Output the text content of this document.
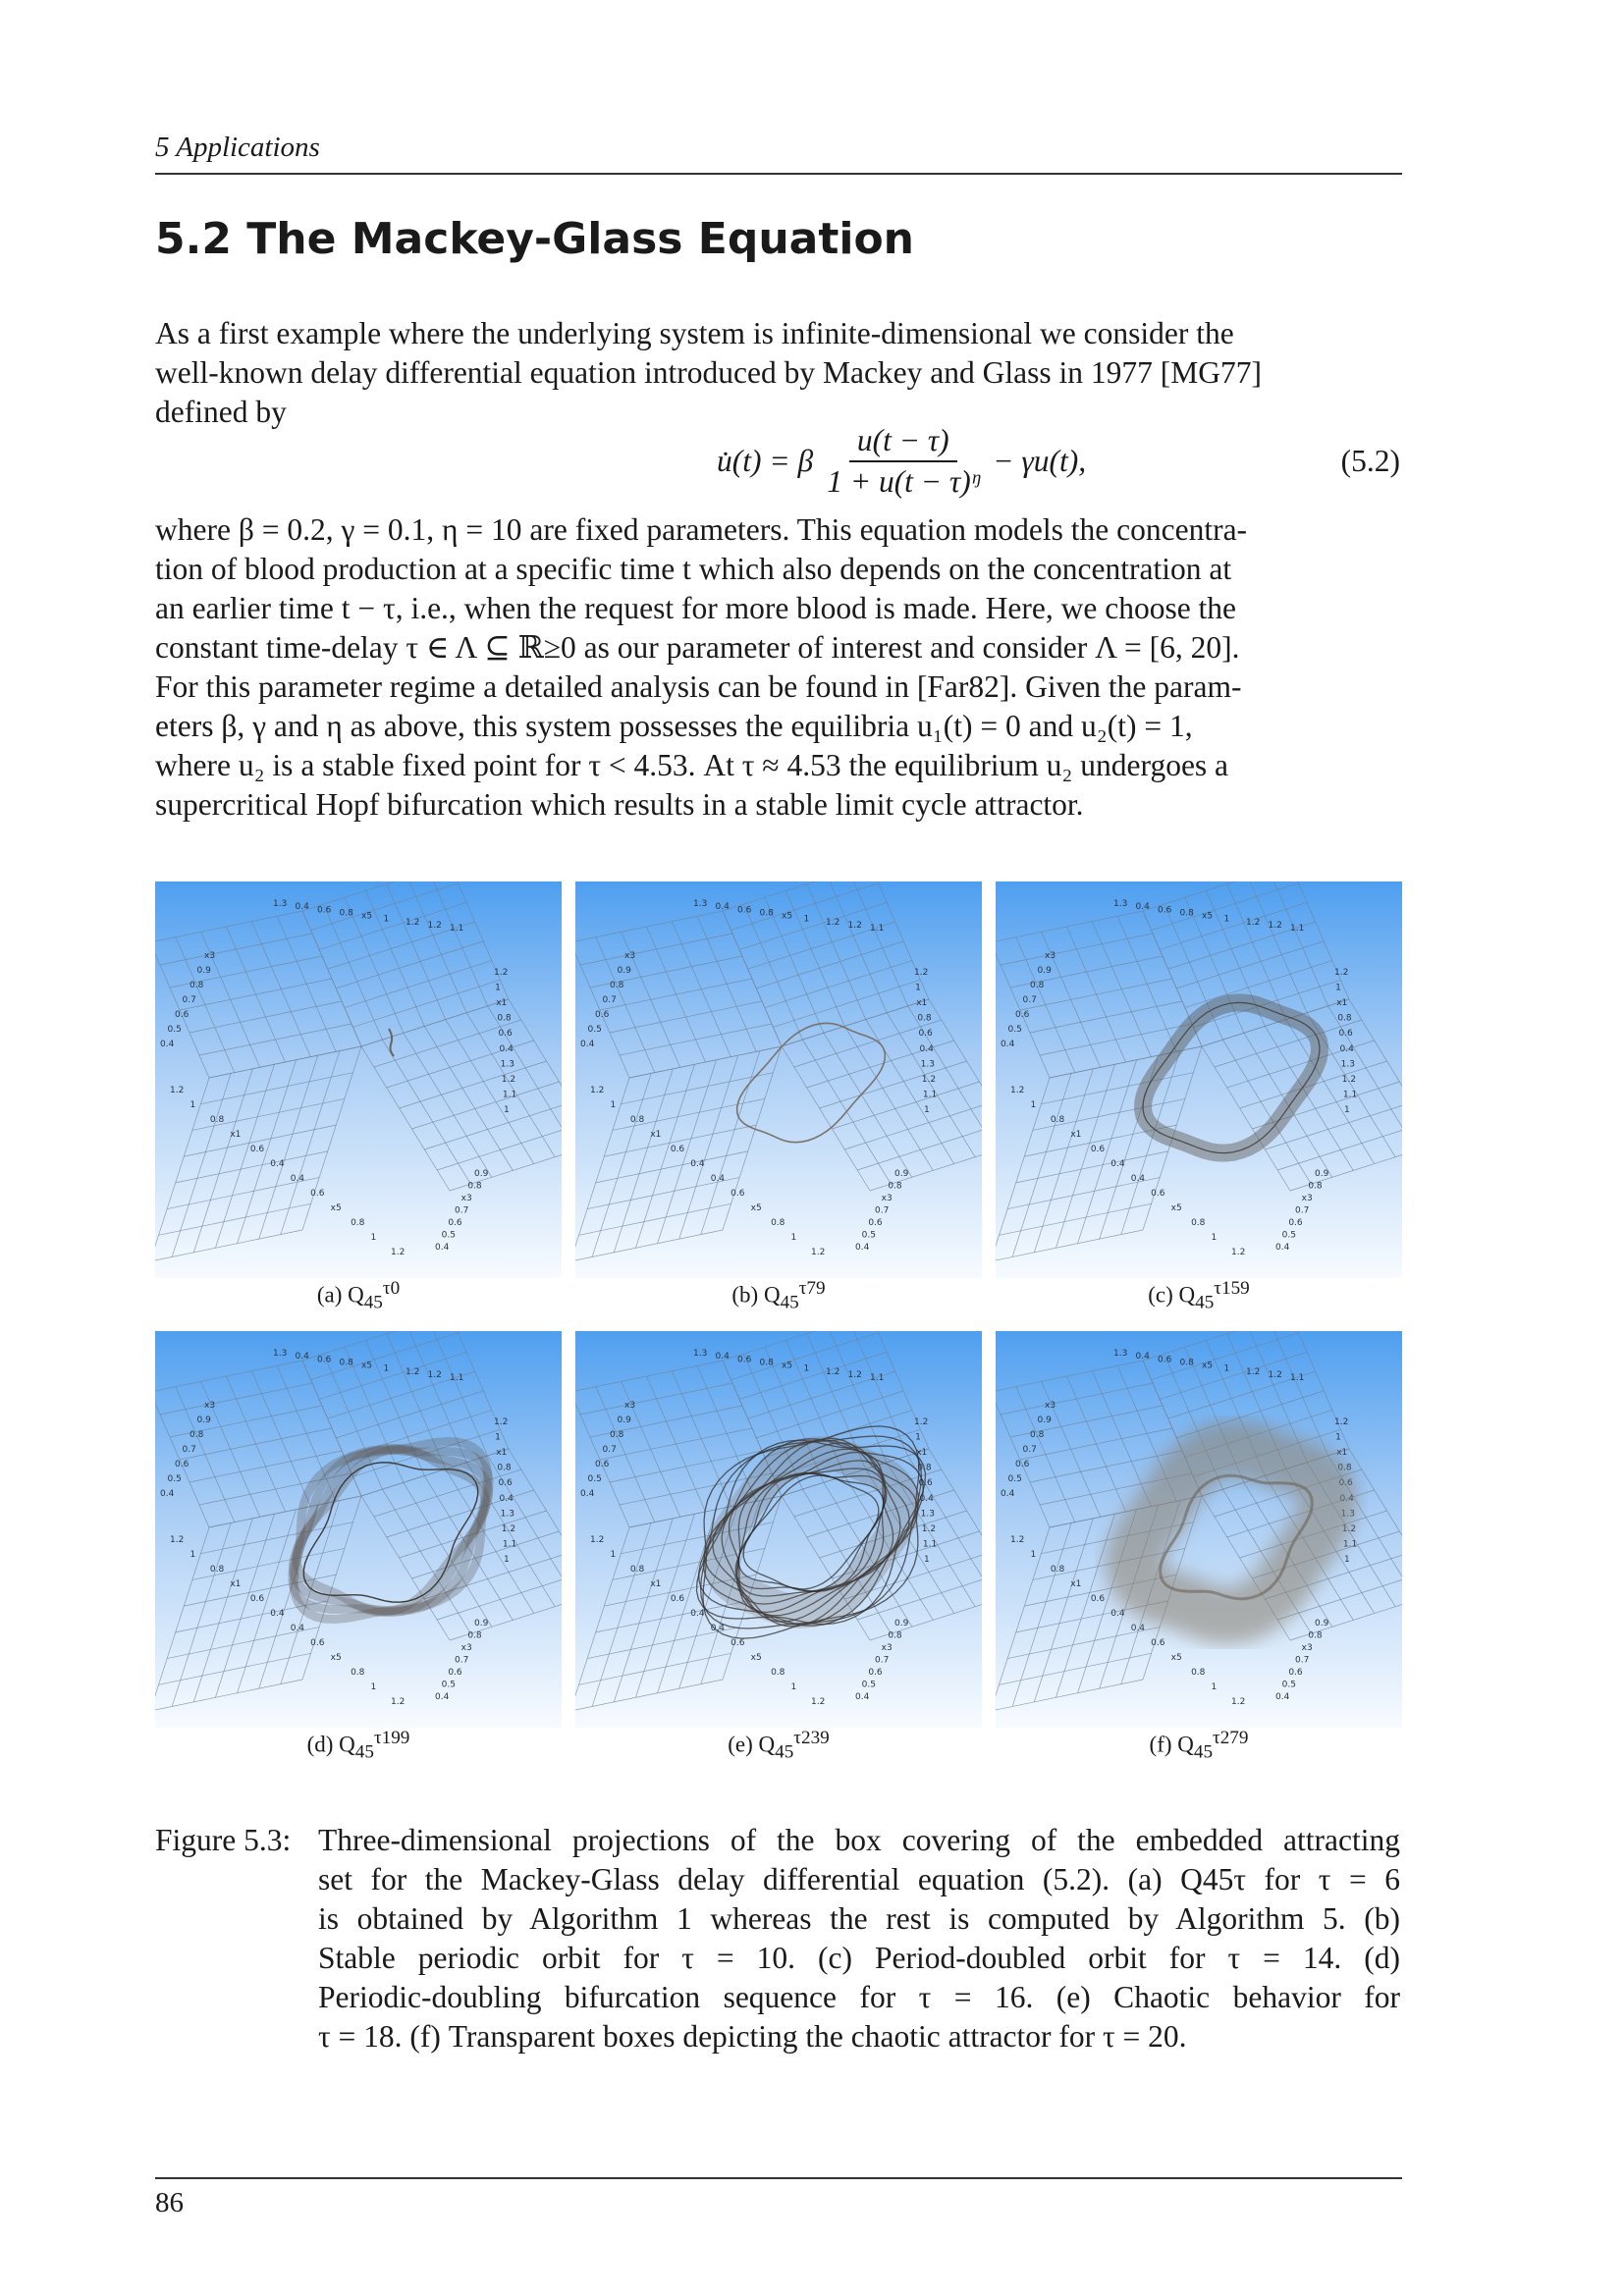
5 Applications
5.2 The Mackey-Glass Equation
As a first example where the underlying system is infinite-dimensional we consider the
well-known delay differential equation introduced by Mackey and Glass in 1977 [MG77]
defined by
u̇(t) = β $\frac{u(t - \tau)}{\text{1 + u(t − τ)ᵑ}} - \gamma u(t)$,	(5.2)
where β = 0.2, γ = 0.1, η = 10 are fixed parameters. This equation models the concentra-
tion of blood production at a specific time t which also depends on the concentration at
an earlier time t − τ, i.e., when the request for more blood is made. Here, we choose the
constant time-delay τ ∈ Λ ⊆ ℝ≥0 as our parameter of interest and consider Λ = [6, 20].
For this parameter regime a detailed analysis can be found in [Far82]. Given the param-
eters β, γ and η as above, this system possesses the equilibria u₁(t) = 0 and u₂(t) = 1,
where u₂ is a stable fixed point for τ < 4.53. At τ ≈ 4.53 the equilibrium u₂ undergoes a
supercritical Hopf bifurcation which results in a stable limit cycle attractor.
1.3 0.4 0.6 0.8 x5 1 1.2 1.2 1.1
x3
0.9
0.8
0.7
0.6
0.5
0.4
1.2
1
x1
0.8
0.6
0.4
1.3
1.2
1.1
1
1.2
1
0.8
x1
0.6
0.4
0.4
0.6
x5
0.8
1
1.2
0.9
0.8
x3
0.7
0.6
0.5
0.4
1.3 0.4 0.6 0.8 x5 1 1.2 1.2 1.1
x3
0.9
0.8
0.7
0.6
0.5
0.4
1.2
1
x1
0.8
0.6
0.4
1.3
1.2
1.1
1
1.2
1
0.8
x1
0.6
0.4
0.4
0.6
x5
0.8
1
1.2
0.9
0.8
x3
0.7
0.6
0.5
0.4
1.3 0.4 0.6 0.8 x5 1 1.2 1.2 1.1
x3
0.9
0.8
0.7
0.6
0.5
0.4
1.2
1
x1
0.8
0.6
0.4
1.3
1.2
1.1
1
1.2
1
0.8
x1
0.6
0.4
0.4
0.6
x5
0.8
1
1.2
0.9
0.8
x3
0.7
0.6
0.5
0.4
(a) $Q_{45}^{\tau 0}$	(b) $Q_{45}^{\tau 79}$	(c) $Q_{45}^{\tau 159}$
1.3 0.4 0.6 0.8 x5 1 1.2 1.2 1.1
x3
0.9
0.8
0.7
0.6
0.5
0.4
1.2
1
x1
0.8
0.6
0.4
1.3
1.2
1.1
1
1.2
1
0.8
x1
0.6
0.4
0.4
0.6
x5
0.8
1
1.2
0.9
0.8
x3
0.7
0.6
0.5
0.4
1.3 0.4 0.6 0.8 x5 1 1.2 1.2 1.1
x3
0.9
0.8
0.7
0.6
0.5
0.4
1.2
1
x1
0.8
0.6
0.4
1.3
1.2
1.1
1
1.2
1
0.8
x1
0.6
0.4
0.4
0.6
x5
0.8
1
1.2
0.9
0.8
x3
0.7
0.6
0.5
0.4
1.3 0.4 0.6 0.8 x5 1 1.2 1.2 1.1
x3
0.9
0.8
0.7
0.6
0.5
0.4
1.2
1
x1
0.8
0.6
0.4
1.3
1.2
1.1
1
1.2
1
0.8
x1
0.6
0.4
0.4
0.6
x5
0.8
1
1.2
0.9
0.8
x3
0.7
0.6
0.5
0.4
(d) $Q_{45}^{\tau 199}$	(e) $Q_{45}^{\tau 239}$	(f) $Q_{45}^{\tau 279}$
Figure 5.3: Three-dimensional projections of the box covering of the embedded attracting
set for the Mackey-Glass delay differential equation (5.2). (a) Q45τ for τ = 6
is obtained by Algorithm 1 whereas the rest is computed by Algorithm 5. (b)
Stable periodic orbit for τ = 10. (c) Period-doubled orbit for τ = 14. (d)
Periodic-doubling bifurcation sequence for τ = 16. (e) Chaotic behavior for
τ = 18. (f) Transparent boxes depicting the chaotic attractor for τ = 20.
86
